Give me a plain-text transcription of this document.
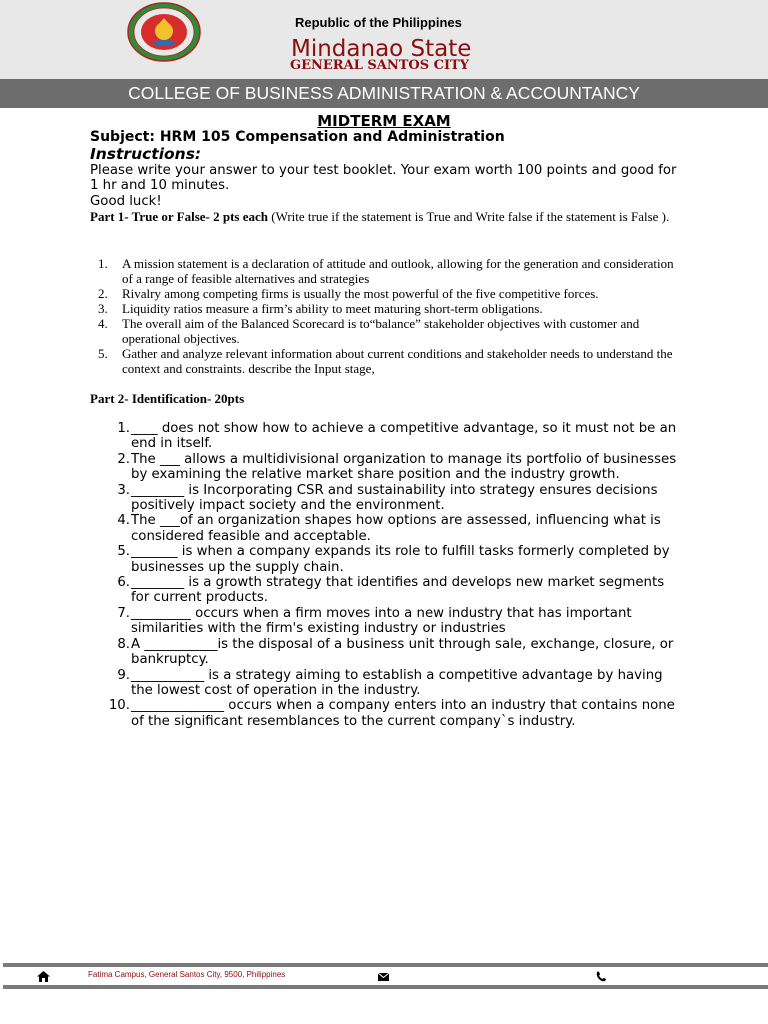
Republic of the Philippines
Mindanao State
GENERAL SANTOS CITY
COLLEGE OF BUSINESS ADMINISTRATION & ACCOUNTANCY
MIDTERM EXAM
Subject: HRM 105 Compensation and Administration
Instructions:
Please write your answer to your test booklet. Your exam worth 100 points and good for 1 hr and 10 minutes.
Good luck!
Part 1- True or False- 2 pts each (Write true if the statement is True and Write false if the statement is False ).
1. A mission statement is a declaration of attitude and outlook, allowing for the generation and consideration of a range of feasible alternatives and strategies
2. Rivalry among competing firms is usually the most powerful of the five competitive forces.
3. Liquidity ratios measure a firm’s ability to meet maturing short-term obligations.
4. The overall aim of the Balanced Scorecard is to“balance” stakeholder objectives with customer and operational objectives.
5. Gather and analyze relevant information about current conditions and stakeholder needs to understand the context and constraints. describe the Input stage,
Part 2- Identification- 20pts
1. ____ does not show how to achieve a competitive advantage, so it must not be an end in itself.
2. The ___ allows a multidivisional organization to manage its portfolio of businesses by examining the relative market share position and the industry growth.
3. ________ is Incorporating CSR and sustainability into strategy ensures decisions positively impact society and the environment.
4. The ___of an organization shapes how options are assessed, influencing what is considered feasible and acceptable.
5. _______ is when a company expands its role to fulfill tasks formerly completed by businesses up the supply chain.
6. ________ is a growth strategy that identifies and develops new market segments for current products.
7. _________ occurs when a firm moves into a new industry that has important similarities with the firm's existing industry or industries
8. A ___________is the disposal of a business unit through sale, exchange, closure, or bankruptcy.
9. ___________ is a strategy aiming to establish a competitive advantage by having the lowest cost of operation in the industry.
10. ______________ occurs when a company enters into an industry that contains none of the significant resemblances to the current company`s industry.
Fatima Campus, General Santos City, 9500, Philippines
